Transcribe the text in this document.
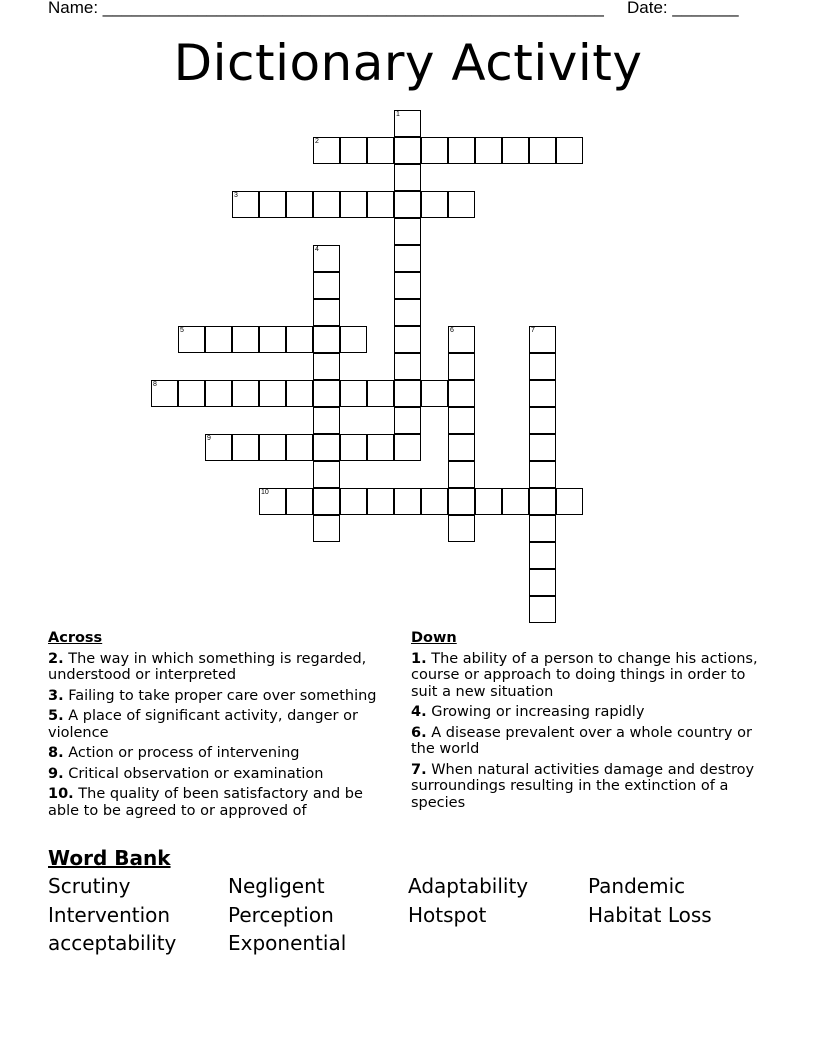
Name: _____________________________________________________ Date: _______
Dictionary Activity
1
2
3
4
5	6	7
8
9
10
Across
2. The way in which something is regarded, understood or interpreted
3. Failing to take proper care over something
5. A place of significant activity, danger or violence
8. Action or process of intervening
9. Critical observation or examination
10. The quality of been satisfactory and be able to be agreed to or approved of
Down
1. The ability of a person to change his actions, course or approach to doing things in order to suit a new situation
4. Growing or increasing rapidly
6. A disease prevalent over a whole country or the world
7. When natural activities damage and destroy surroundings resulting in the extinction of a species
Word Bank
Scrutiny	Negligent	Adaptability	Pandemic
Intervention	Perception	Hotspot	Habitat Loss
acceptability	Exponential
